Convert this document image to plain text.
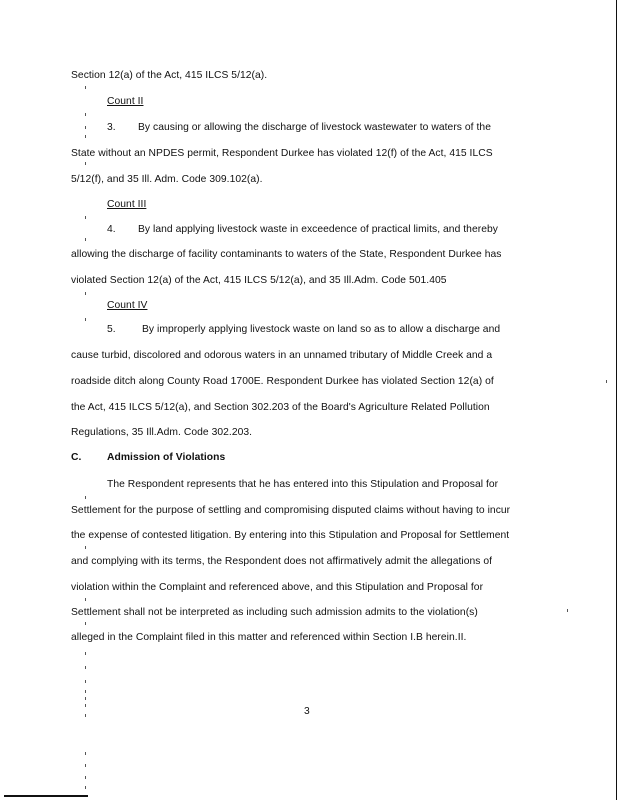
Section 12(a) of the Act, 415 ILCS 5/12(a).
Count II
3. By causing or allowing the discharge of livestock wastewater to waters of the
State without an NPDES permit, Respondent Durkee has violated 12(f) of the Act, 415 ILCS
5/12(f), and 35 Ill. Adm. Code 309.102(a).
Count III
4. By land applying livestock waste in exceedence of practical limits, and thereby
allowing the discharge of facility contaminants to waters of the State, Respondent Durkee has
violated Section 12(a) of the Act, 415 ILCS 5/12(a), and 35 Ill.Adm. Code 501.405
Count IV
5.	By improperly applying livestock waste on land so as to allow a discharge and
cause turbid, discolored and odorous waters in an unnamed tributary of Middle Creek and a
roadside ditch along County Road 1700E. Respondent Durkee has violated Section 12(a) of
the Act, 415 ILCS 5/12(a), and Section 302.203 of the Board's Agriculture Related Pollution
Regulations, 35 Ill.Adm. Code 302.203.
C. Admission of Violations
The Respondent represents that he has entered into this Stipulation and Proposal for
Settlement for the purpose of settling and compromising disputed claims without having to incur
the expense of contested litigation. By entering into this Stipulation and Proposal for Settlement
and complying with its terms, the Respondent does not affirmatively admit the allegations of
violation within the Complaint and referenced above, and this Stipulation and Proposal for
Settlement shall not be interpreted as including such admission admits to the violation(s)
alleged in the Complaint filed in this matter and referenced within Section I.B herein.II.
3
